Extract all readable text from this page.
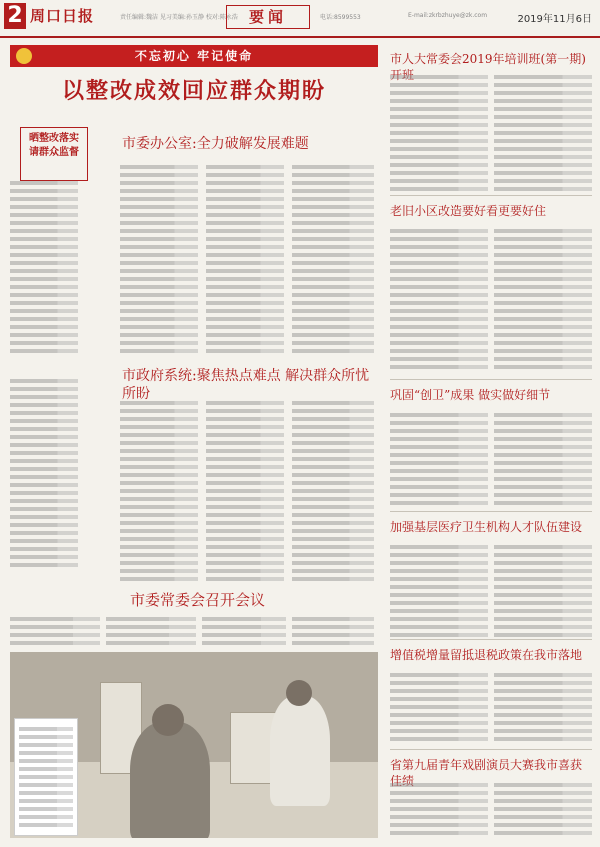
2 周口日报	责任编辑:魏洁 见习美编:孙玉静 校对:陈永浩 要闻	电话:8599553	E-mail:zkrbzhuye@zk.com	2019年11月6日
不忘初心 牢记使命
以整改成效回应群众期盼
晒整改落实
请群众监督
市委办公室:全力破解发展难题
市政府系统:聚焦热点难点 解决群众所忧所盼
市委常委会召开会议
市人大常委会2019年培训班(第一期)开班
老旧小区改造要好看更要好住
巩固“创卫”成果 做实做好细节
加强基层医疗卫生机构人才队伍建设
增值税增量留抵退税政策在我市落地
省第九届青年戏剧演员大赛我市喜获佳绩
